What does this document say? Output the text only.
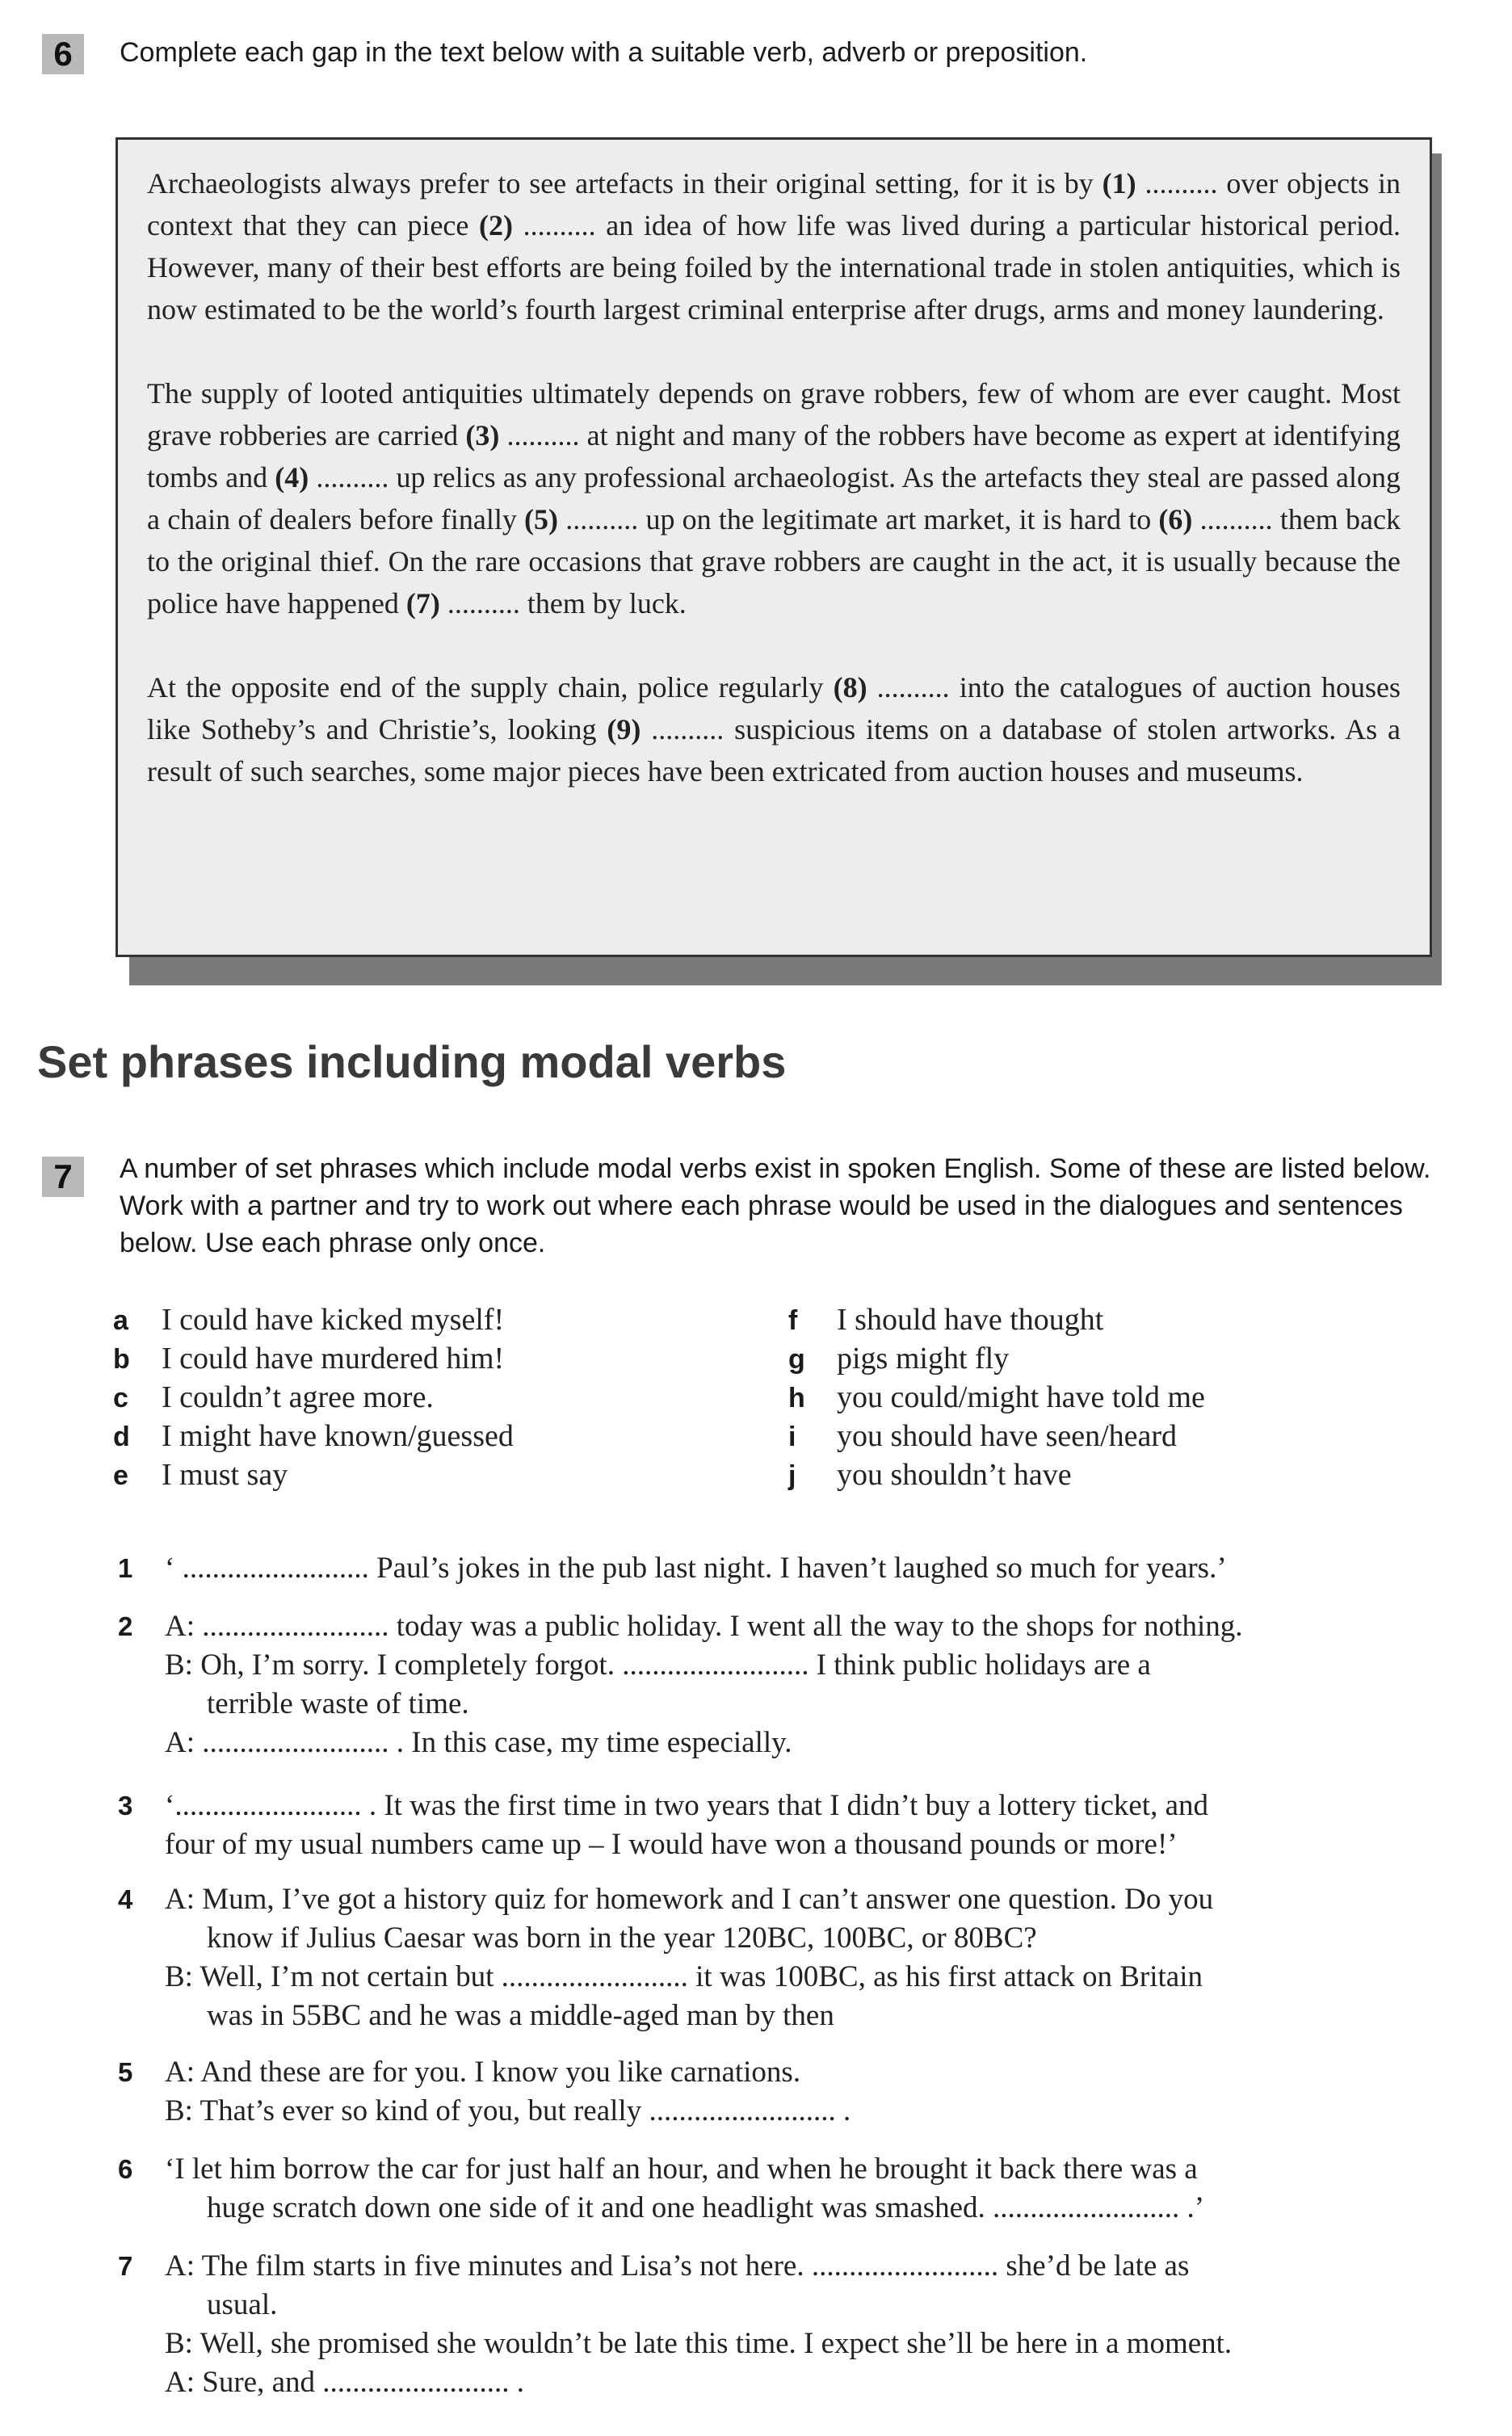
6	Complete each gap in the text below with a suitable verb, adverb or preposition.

Archaeologists always prefer to see artefacts in their original setting, for it is by (1) .......... over objects in context that they can piece (2) .......... an idea of how life was lived during a particular historical period. However, many of their best efforts are being foiled by the international trade in stolen antiquities, which is now estimated to be the world’s fourth largest criminal enterprise after drugs, arms and money laundering.

The supply of looted antiquities ultimately depends on grave robbers, few of whom are ever caught. Most grave robberies are carried (3) .......... at night and many of the robbers have become as expert at identifying tombs and (4) .......... up relics as any professional archaeologist. As the artefacts they steal are passed along a chain of dealers before finally (5) .......... up on the legitimate art market, it is hard to (6) .......... them back to the original thief. On the rare occasions that grave robbers are caught in the act, it is usually because the police have happened (7) .......... them by luck.

At the opposite end of the supply chain, police regularly (8) .......... into the catalogues of auction houses like Sotheby’s and Christie’s, looking (9) .......... suspicious items on a database of stolen artworks. As a result of such searches, some major pieces have been extricated from auction houses and museums.

Set phrases including modal verbs
7	A number of set phrases which include modal verbs exist in spoken English. Some of these are listed below. Work with a partner and try to work out where each phrase would be used in the dialogues and sentences below. Use each phrase only once.
a	I could have kicked myself!
b	I could have murdered him!
c	I couldn’t agree more.
d	I might have known/guessed
e	I must say
f	I should have thought
g	pigs might fly
h	you could/might have told me
i	you should have seen/heard
j	you shouldn’t have
1 ‘ ......................... Paul’s jokes in the pub last night. I haven’t laughed so much for years.’
2 A: ......................... today was a public holiday. I went all the way to the shops for nothing.
B: Oh, I’m sorry. I completely forgot. ......................... I think public holidays are a
terrible waste of time.
A: ......................... . In this case, my time especially.
3 ‘......................... . It was the first time in two years that I didn’t buy a lottery ticket, and
four of my usual numbers came up – I would have won a thousand pounds or more!’
4 A: Mum, I’ve got a history quiz for homework and I can’t answer one question. Do you
know if Julius Caesar was born in the year 120BC, 100BC, or 80BC?
B: Well, I’m not certain but ......................... it was 100BC, as his first attack on Britain
was in 55BC and he was a middle-aged man by then
5 A: And these are for you. I know you like carnations.
B: That’s ever so kind of you, but really ......................... .
6 ‘I let him borrow the car for just half an hour, and when he brought it back there was a
huge scratch down one side of it and one headlight was smashed. ......................... .’
7 A: The film starts in five minutes and Lisa’s not here. ......................... she’d be late as
usual.
B: Well, she promised she wouldn’t be late this time. I expect she’ll be here in a moment.
A: Sure, and ......................... .
